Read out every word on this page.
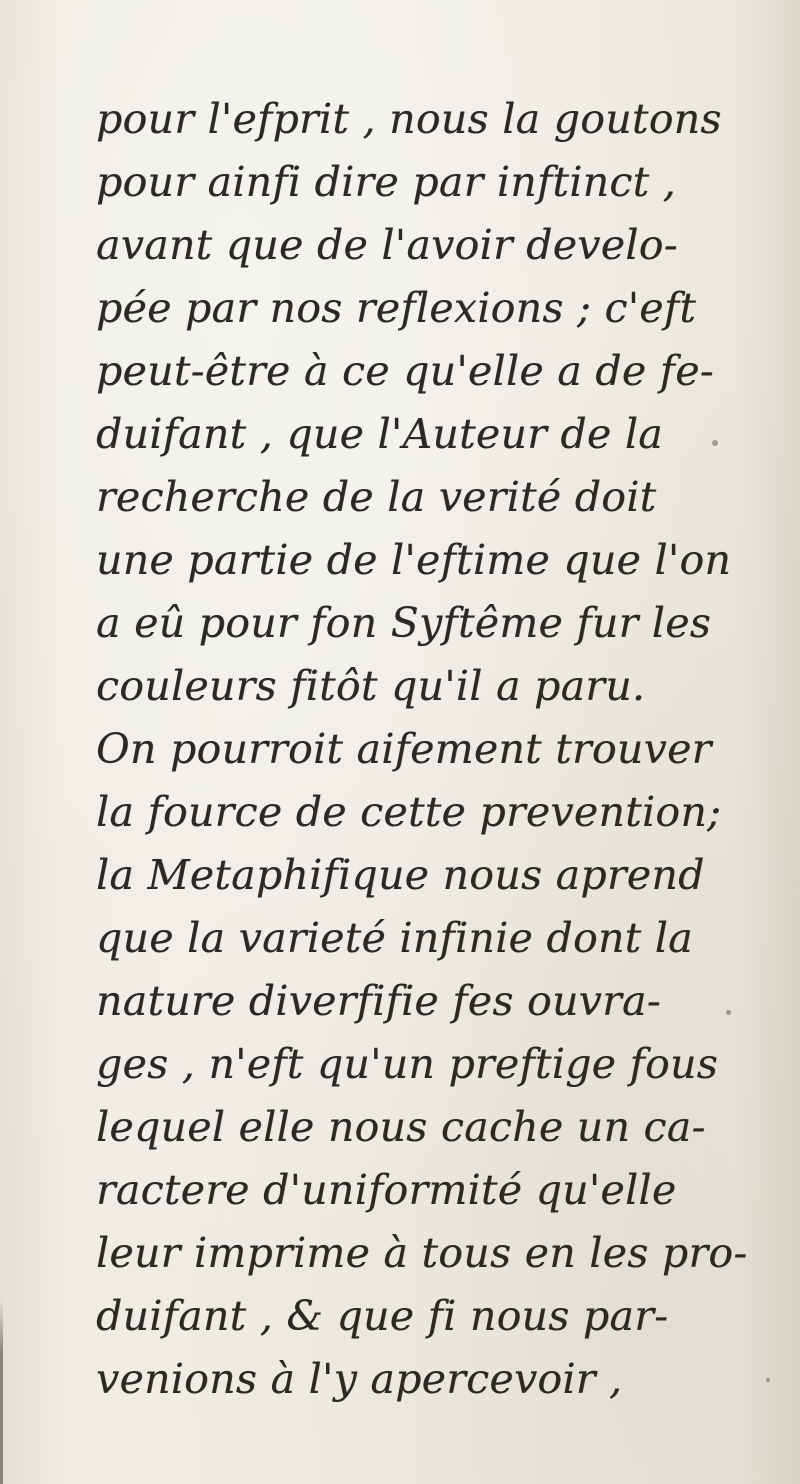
pour l'efprit , nous la goutons
pour ainfi dire par inftinct ,
avant que de l'avoir develo-
pée par nos reflexions ; c'eft
peut-être à ce qu'elle a de fe-
duifant , que l'Auteur de la
recherche de la verité doit
une partie de l'eftime que l'on
a eû pour fon Syftême fur les
couleurs fitôt qu'il a paru.
On pourroit aifement trouver
la fource de cette prevention;
la Metaphifique nous aprend
que la varieté infinie dont la
nature diverfifie fes ouvra-
ges , n'eft qu'un preftige fous
lequel elle nous cache un ca-
ractere d'uniformité qu'elle
leur imprime à tous en les pro-
duifant , & que fi nous par-
venions à l'y apercevoir ,
